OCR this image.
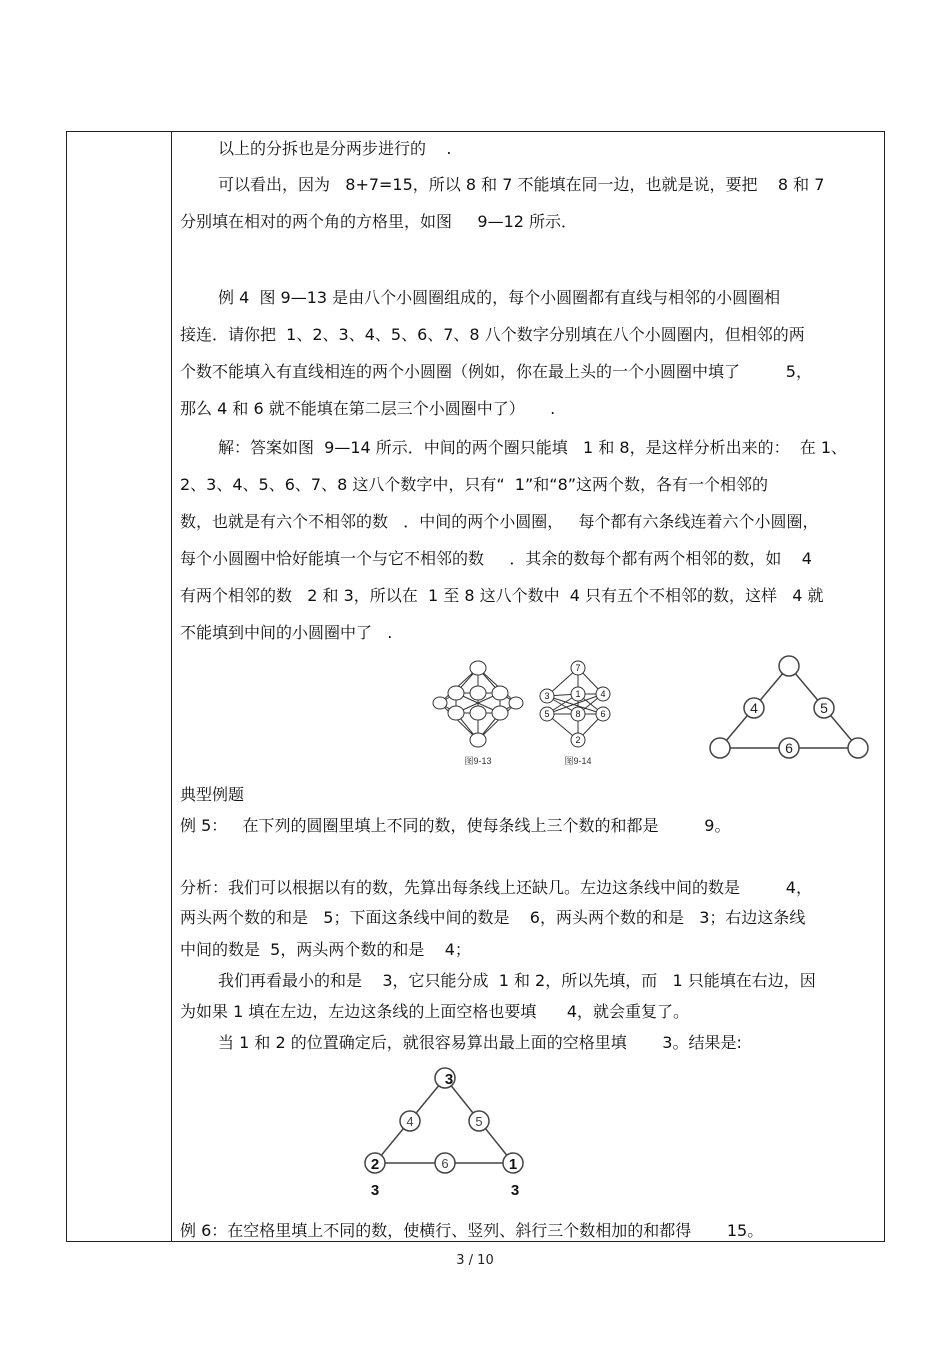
以上的分拆也是分两步进行的    .
可以看出，因为   8+7=15，所以 8 和 7 不能填在同一边，也就是说，要把    8 和 7
分别填在相对的两个角的方格里，如图     9—12 所示．
例 4  图 9—13 是由八个小圆圈组成的，每个小圆圈都有直线与相邻的小圆圈相
接连．请你把  1、2、3、4、5、6、7、8 八个数字分别填在八个小圆圈内，但相邻的两
个数不能填入有直线相连的两个小圆圈（例如，你在最上头的一个小圆圈中填了         5，
那么 4 和 6 就不能填在第二层三个小圆圈中了）     .
解：答案如图  9—14 所示．中间的两个圈只能填   1 和 8，是这样分析出来的：  在 1、
2、3、4、5、6、7、8 这八个数字中，只有“  1”和“8”这两个数，各有一个相邻的
数，也就是有六个不相邻的数   ．中间的两个小圆圈，   每个都有六条线连着六个小圆圈，
每个小圆圈中恰好能填一个与它不相邻的数     ．其余的数每个都有两个相邻的数，如    4
有两个相邻的数   2 和 3，所以在  1 至 8 这八个数中  4 只有五个不相邻的数，这样   4 就
不能填到中间的小圆圈中了   .
图9-13
7
3	1 4
5	8 6
2
图9-14
4	5
6
典型例题
例 5：   在下列的圆圈里填上不同的数，使每条线上三个数的和都是         9。
分析：我们可以根据以有的数，先算出每条线上还缺几。左边这条线中间的数是         4，
两头两个数的和是   5；下面这条线中间的数是    6，两头两个数的和是   3；右边这条线
中间的数是  5，两头两个数的和是    4；
我们再看最小的和是    3，它只能分成  1 和 2，所以先填，而   1 只能填在右边，因
为如果 1 填在左边，左边这条线的上面空格也要填      4，就会重复了。
当 1 和 2 的位置确定后，就很容易算出最上面的空格里填       3。结果是:
4	5
6
3
2	1
3	3
例 6：在空格里填上不同的数，使横行、竖列、斜行三个数相加的和都得       15。
3 / 10
